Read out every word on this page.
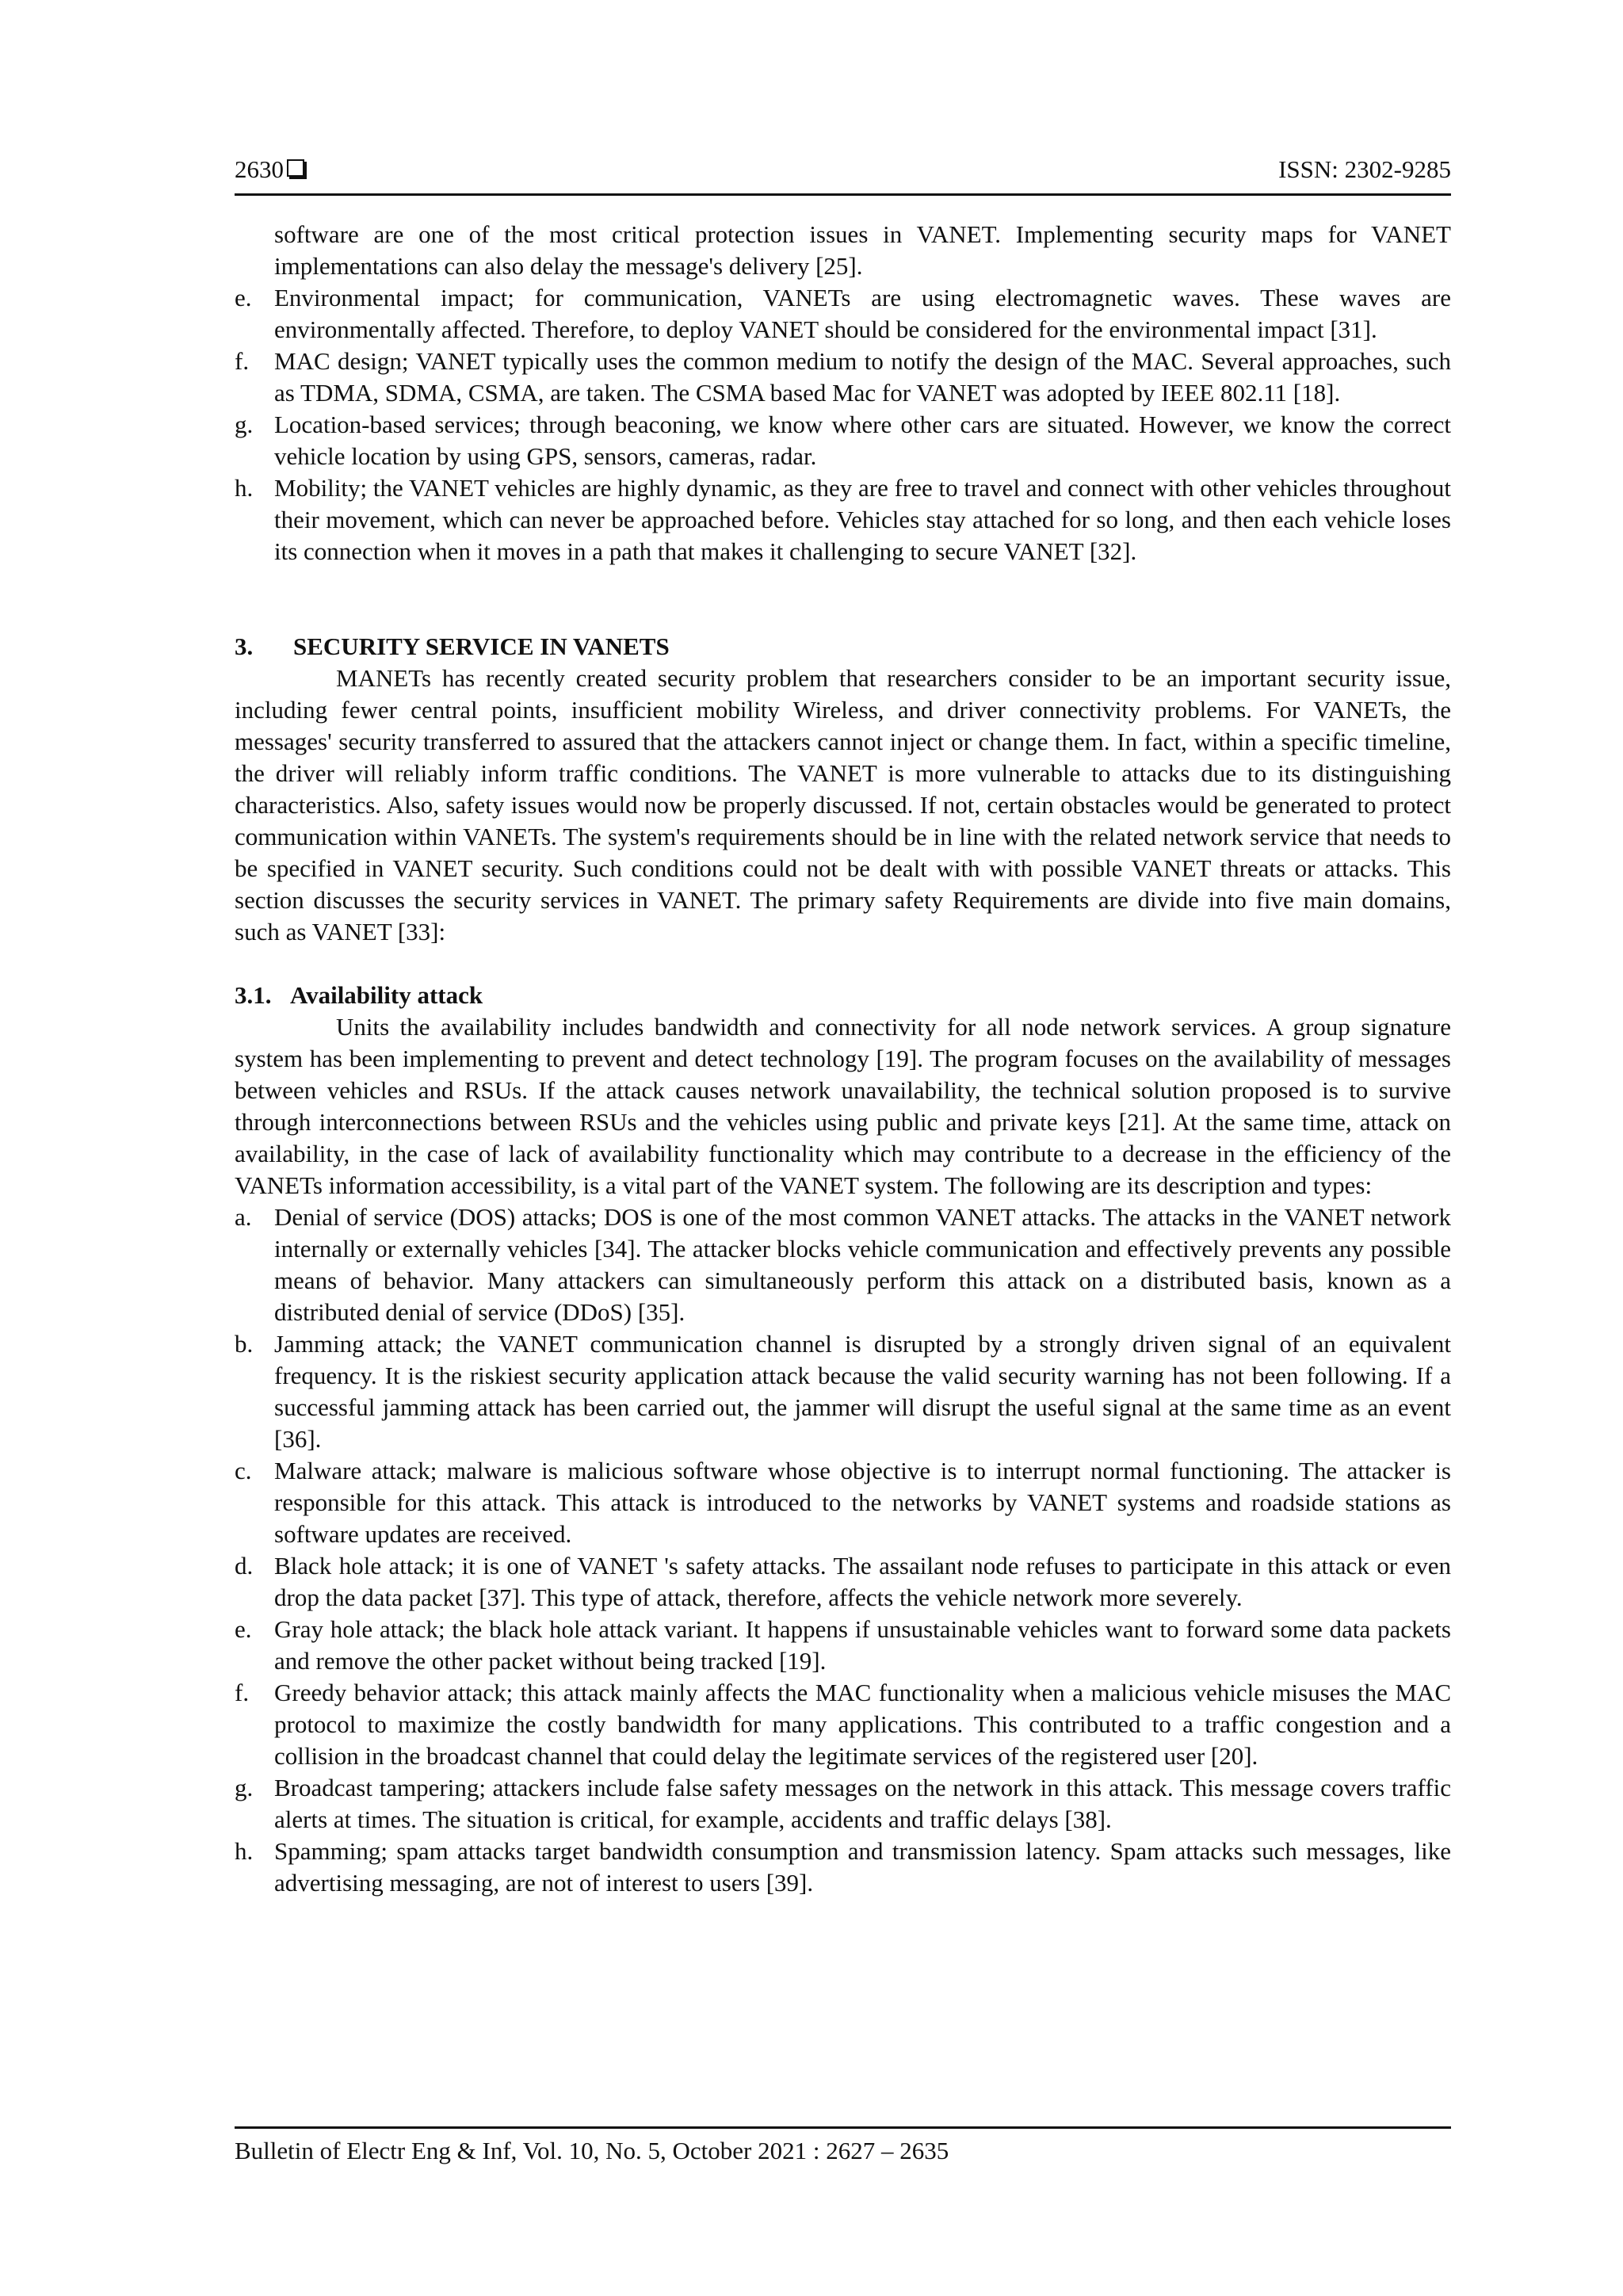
2630	ISSN: 2302-9285

software are one of the most critical protection issues in VANET. Implementing security maps for VANET implementations can also delay the message's delivery [25].

e. Environmental impact; for communication, VANETs are using electromagnetic waves. These waves are environmentally affected. Therefore, to deploy VANET should be considered for the environmental impact [31].
f. MAC design; VANET typically uses the common medium to notify the design of the MAC. Several approaches, such as TDMA, SDMA, CSMA, are taken. The CSMA based Mac for VANET was adopted by IEEE 802.11 [18].
g. Location-based services; through beaconing, we know where other cars are situated. However, we know the correct vehicle location by using GPS, sensors, cameras, radar.
h. Mobility; the VANET vehicles are highly dynamic, as they are free to travel and connect with other vehicles throughout their movement, which can never be approached before. Vehicles stay attached for so long, and then each vehicle loses its connection when it moves in a path that makes it challenging to secure VANET [32].
3. SECURITY SERVICE IN VANETS

MANETs has recently created security problem that researchers consider to be an important security issue, including fewer central points, insufficient mobility Wireless, and driver connectivity problems. For VANETs, the messages' security transferred to assured that the attackers cannot inject or change them. In fact, within a specific timeline, the driver will reliably inform traffic conditions. The VANET is more vulnerable to attacks due to its distinguishing characteristics. Also, safety issues would now be properly discussed. If not, certain obstacles would be generated to protect communication within VANETs. The system's requirements should be in line with the related network service that needs to be specified in VANET security. Such conditions could not be dealt with with possible VANET threats or attacks. This section discusses the security services in VANET. The primary safety Requirements are divide into five main domains, such as VANET [33]:

3.1. Availability attack

Units the availability includes bandwidth and connectivity for all node network services. A group signature system has been implementing to prevent and detect technology [19]. The program focuses on the availability of messages between vehicles and RSUs. If the attack causes network unavailability, the technical solution proposed is to survive through interconnections between RSUs and the vehicles using public and private keys [21]. At the same time, attack on availability, in the case of lack of availability functionality which may contribute to a decrease in the efficiency of the VANETs information accessibility, is a vital part of the VANET system. The following are its description and types:

a. Denial of service (DOS) attacks; DOS is one of the most common VANET attacks. The attacks in the VANET network internally or externally vehicles [34]. The attacker blocks vehicle communication and effectively prevents any possible means of behavior. Many attackers can simultaneously perform this attack on a distributed basis, known as a distributed denial of service (DDoS) [35].
b. Jamming attack; the VANET communication channel is disrupted by a strongly driven signal of an equivalent frequency. It is the riskiest security application attack because the valid security warning has not been following. If a successful jamming attack has been carried out, the jammer will disrupt the useful signal at the same time as an event [36].
c. Malware attack; malware is malicious software whose objective is to interrupt normal functioning. The attacker is responsible for this attack. This attack is introduced to the networks by VANET systems and roadside stations as software updates are received.
d. Black hole attack; it is one of VANET 's safety attacks. The assailant node refuses to participate in this attack or even drop the data packet [37]. This type of attack, therefore, affects the vehicle network more severely.
e. Gray hole attack; the black hole attack variant. It happens if unsustainable vehicles want to forward some data packets and remove the other packet without being tracked [19].
f. Greedy behavior attack; this attack mainly affects the MAC functionality when a malicious vehicle misuses the MAC protocol to maximize the costly bandwidth for many applications. This contributed to a traffic congestion and a collision in the broadcast channel that could delay the legitimate services of the registered user [20].
g. Broadcast tampering; attackers include false safety messages on the network in this attack. This message covers traffic alerts at times. The situation is critical, for example, accidents and traffic delays [38].
h. Spamming; spam attacks target bandwidth consumption and transmission latency. Spam attacks such messages, like advertising messaging, are not of interest to users [39].
Bulletin of Electr Eng & Inf, Vol. 10, No. 5, October 2021 : 2627 – 2635
